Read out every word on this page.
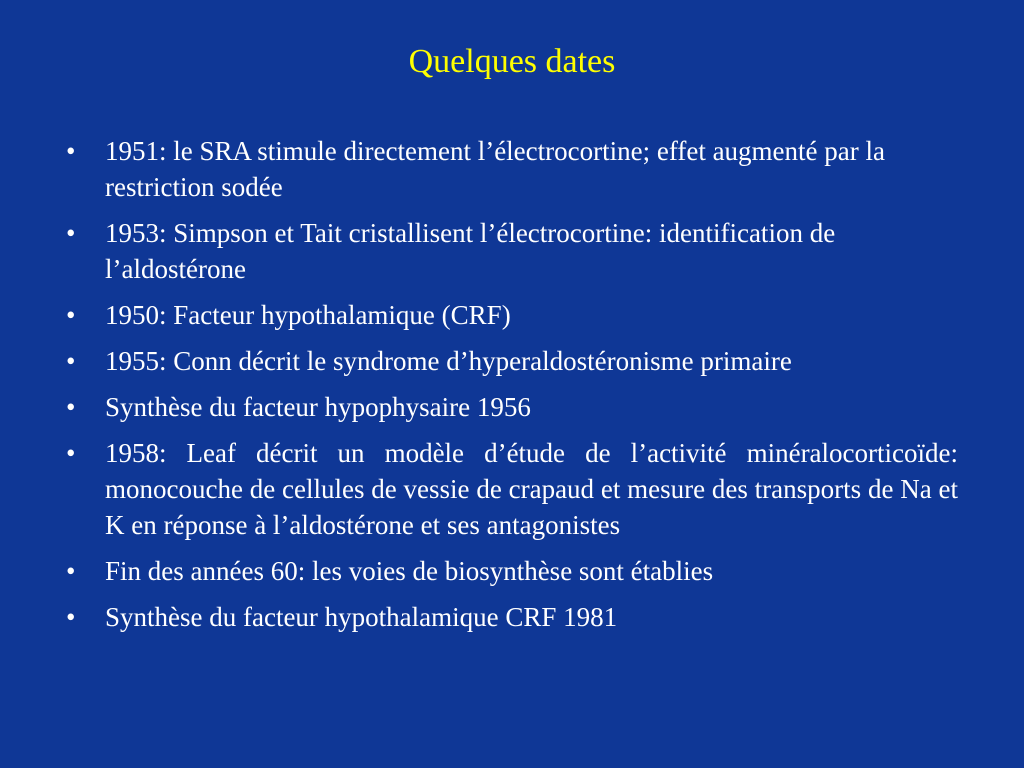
Quelques dates
•	1951: le SRA stimule directement l’électrocortine; effet augmenté par la restriction sodée
•	1953: Simpson et Tait cristallisent l’électrocortine: identification de l’aldostérone
•	1950: Facteur hypothalamique (CRF)
•	1955: Conn décrit le syndrome d’hyperaldostéronisme primaire
•	Synthèse du facteur hypophysaire 1956
•	1958: Leaf décrit un modèle d’étude de l’activité minéralocorticoïde: monocouche de cellules de vessie de crapaud et mesure des transports de Na et K en réponse à l’aldostérone et ses antagonistes
•	Fin des années 60: les voies de biosynthèse sont établies
•	Synthèse du facteur hypothalamique CRF 1981
